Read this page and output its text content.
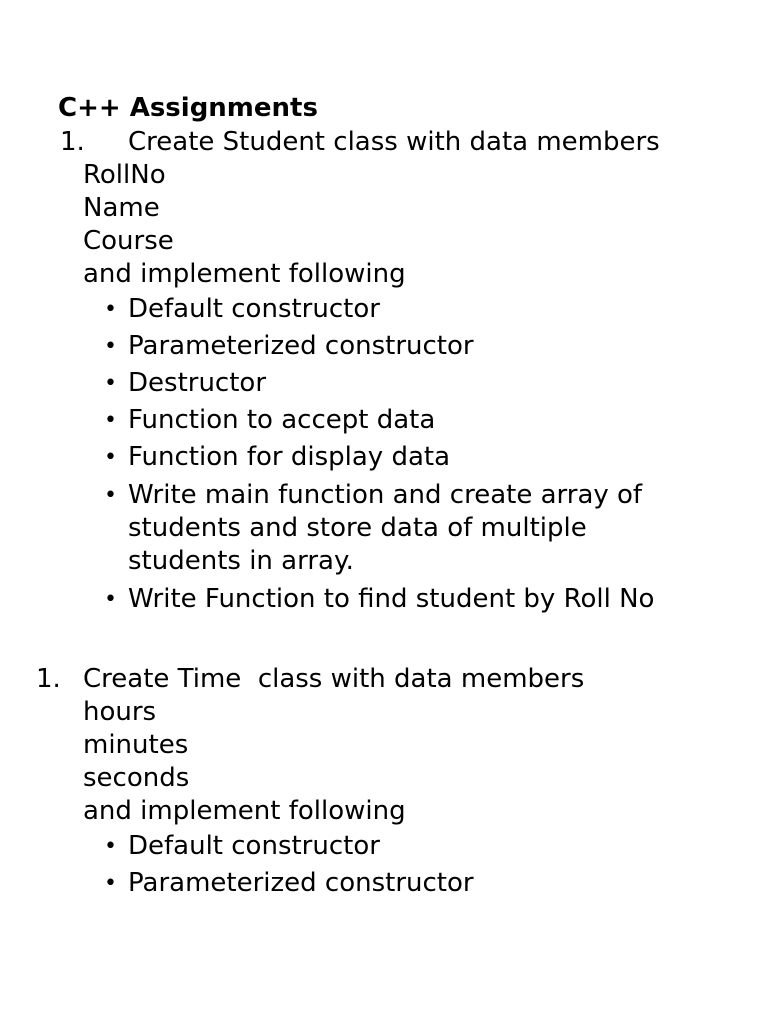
C++ Assignments
1. Create Student class with data members
RollNo
Name
Course
and implement following
• Default constructor
• Parameterized constructor
• Destructor
• Function to accept data
• Function for display data
• Write main function and create array of students and store data of multiple students in array.
• Write Function to find student by Roll No
1. Create Time  class with data members
hours
minutes
seconds
and implement following
• Default constructor
• Parameterized constructor
